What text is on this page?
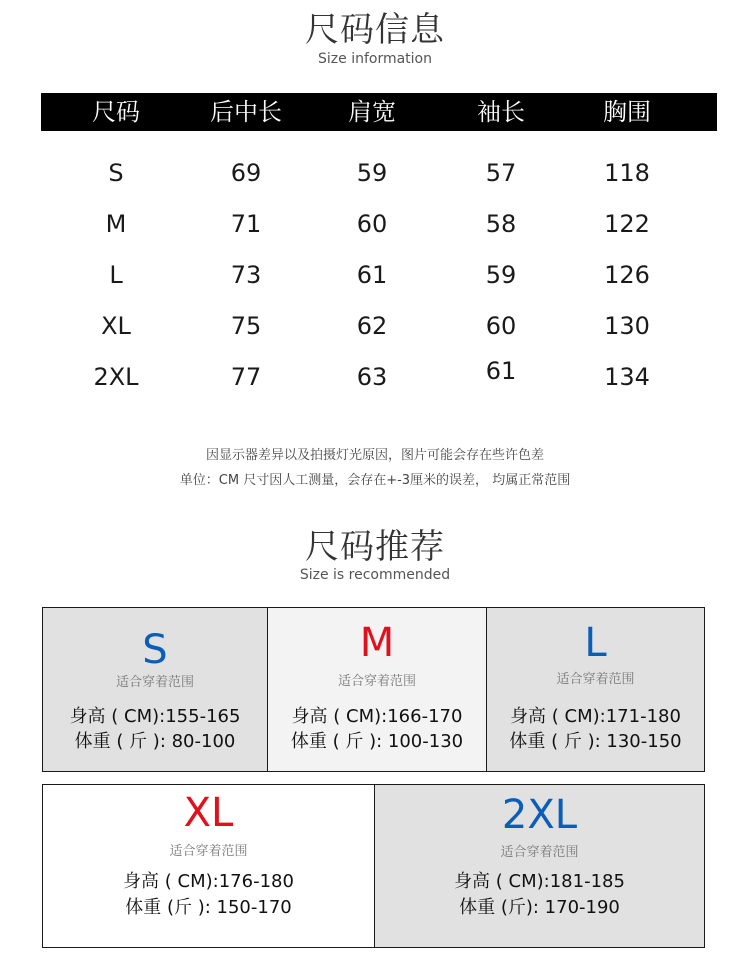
尺码信息
Size information
尺码	后中长	肩宽	袖长	胸围
S	69	59	57	118
M	71	60	58	122
L	73	61	59	126
XL	75	62	60	130
2XL	77	63	61	134
因显示器差异以及拍摄灯光原因，图片可能会存在些许色差
单位：CM 尺寸因人工测量，会存在+-3厘米的误差， 均属正常范围
尺码推荐
Size is recommended
S
适合穿着范围
身高 ( CM):155-165
体重 ( 斤 ): 80-100
M
适合穿着范围
身高 ( CM):166-170
体重 ( 斤 ): 100-130
L
适合穿着范围
身高 ( CM):171-180
体重 ( 斤 ): 130-150
XL
适合穿着范围
身高 ( CM):176-180
体重 (斤 ): 150-170
2XL
适合穿着范围
身高 ( CM):181-185
体重 (斤): 170-190
